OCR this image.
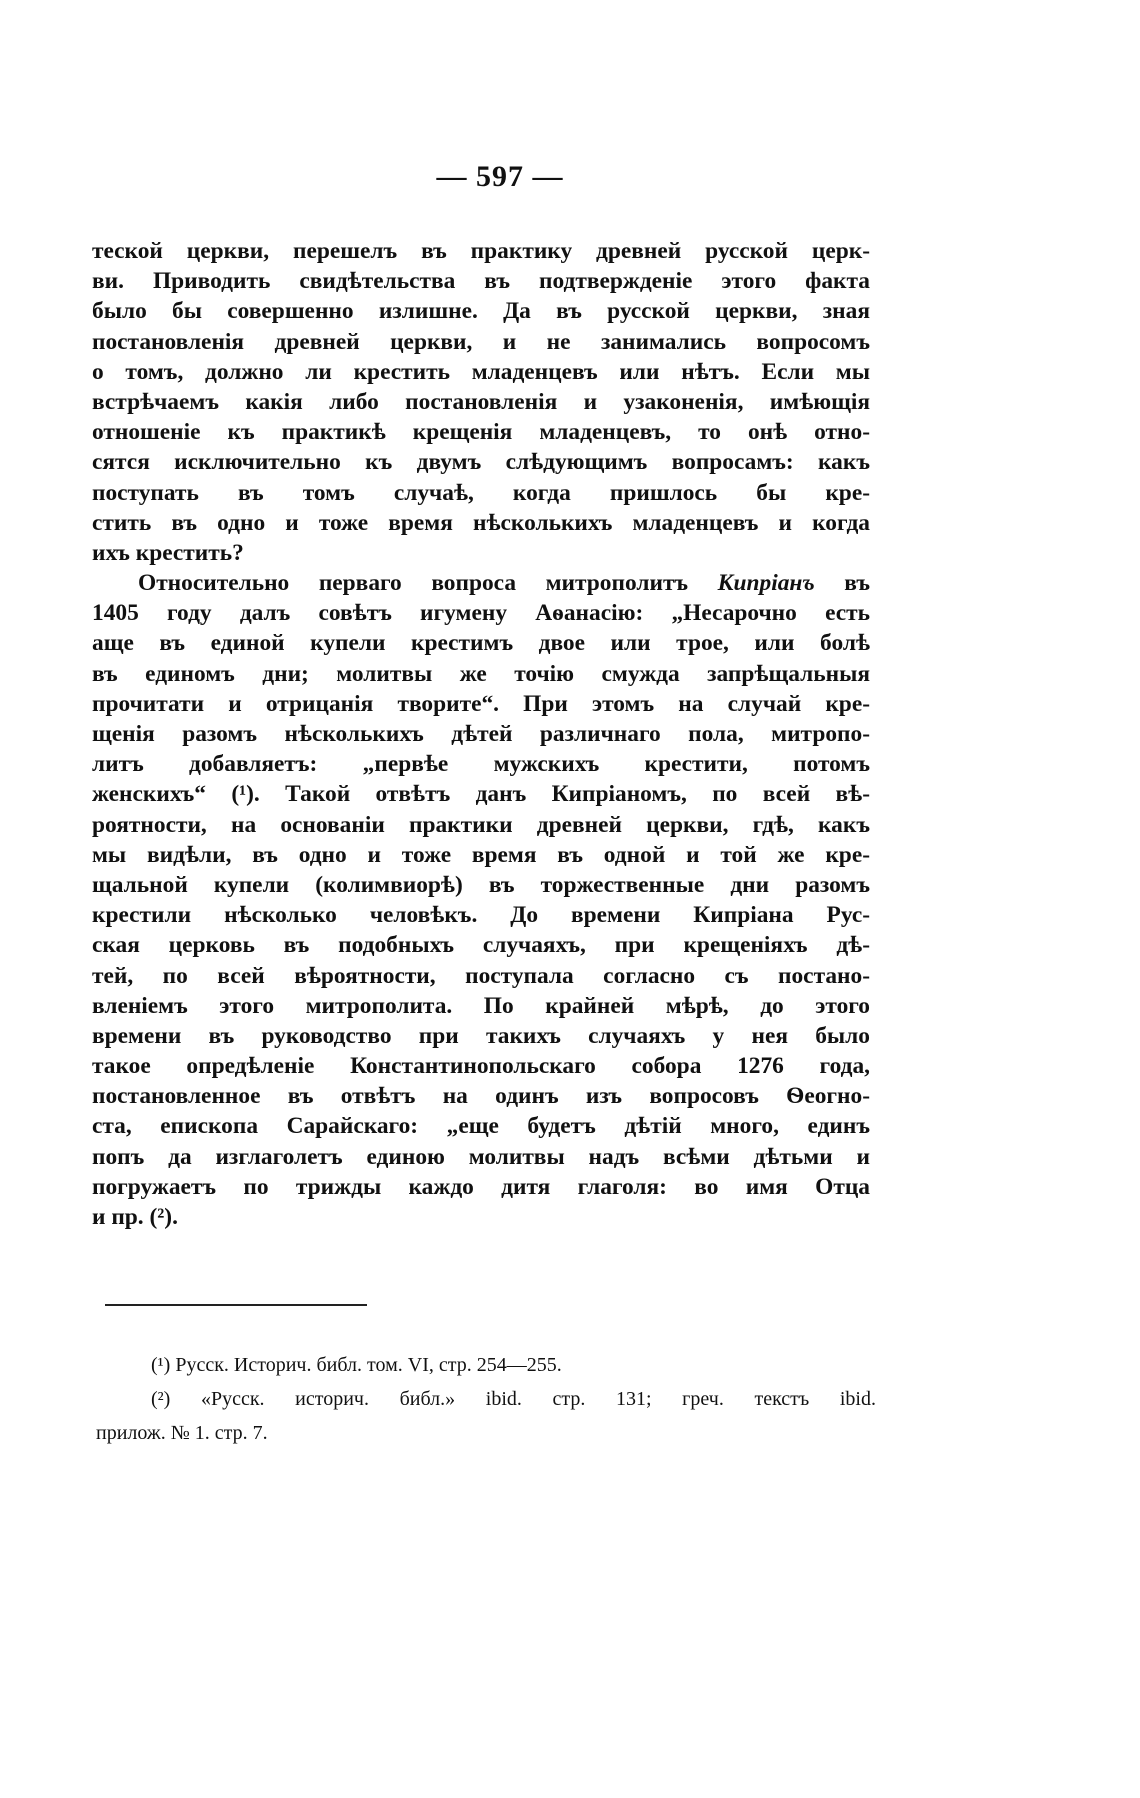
— 597 —
теской церкви, перешелъ въ практику древней русской церк-
ви. Приводить свидѣтельства въ подтвержденіе этого факта
было бы совершенно излишне. Да въ русской церкви, зная
постановленія древней церкви, и не занимались вопросомъ
о томъ, должно ли крестить младенцевъ или нѣтъ. Если мы
встрѣчаемъ какія либо постановленія и узаконенія, имѣющія
отношеніе къ практикѣ крещенія младенцевъ, то онѣ отно-
сятся исключительно къ двумъ слѣдующимъ вопросамъ: какъ
поступать въ томъ случаѣ, когда пришлось бы кре-
стить въ одно и тоже время нѣсколькихъ младенцевъ и когда
ихъ крестить?
Относительно перваго вопроса митрополитъ Кипріанъ въ
1405 году далъ совѣтъ игумену Аѳанасію: „Несарочно есть
аще въ единой купели крестимъ двое или трое, или болѣ
въ единомъ дни; молитвы же точію смужда запрѣщальныя
прочитати и отрицанія творите“. При этомъ на случай кре-
щенія разомъ нѣсколькихъ дѣтей различнаго пола, митропо-
литъ добавляетъ: „первѣе мужскихъ крестити, потомъ
женскихъ“ (¹). Такой отвѣтъ данъ Кипріаномъ, по всей вѣ-
роятности, на основаніи практики древней церкви, гдѣ, какъ
мы видѣли, въ одно и тоже время въ одной и той же кре-
щальной купели (колимвиорѣ) въ торжественные дни разомъ
крестили нѣсколько человѣкъ. До времени Кипріана Рус-
ская церковь въ подобныхъ случаяхъ, при крещеніяхъ дѣ-
тей, по всей вѣроятности, поступала согласно съ постано-
вленіемъ этого митрополита. По крайней мѣрѣ, до этого
времени въ руководство при такихъ случаяхъ у нея было
такое опредѣленіе Константинопольскаго собора 1276 года,
постановленное въ отвѣтъ на одинъ изъ вопросовъ Ѳеогно-
ста, епископа Сарайскаго: „еще будетъ дѣтій много, единъ
попъ да изглаголетъ единою молитвы надъ всѣми дѣтьми и
погружаетъ по трижды каждо дитя глаголя: во имя Отца
и пр. (²).
(¹) Русск. Историч. библ. том. VI, стр. 254—255.
(²) «Русск. историч. библ.» ibid. стр. 131; греч. текстъ ibid.
прилож. № 1. стр. 7.
